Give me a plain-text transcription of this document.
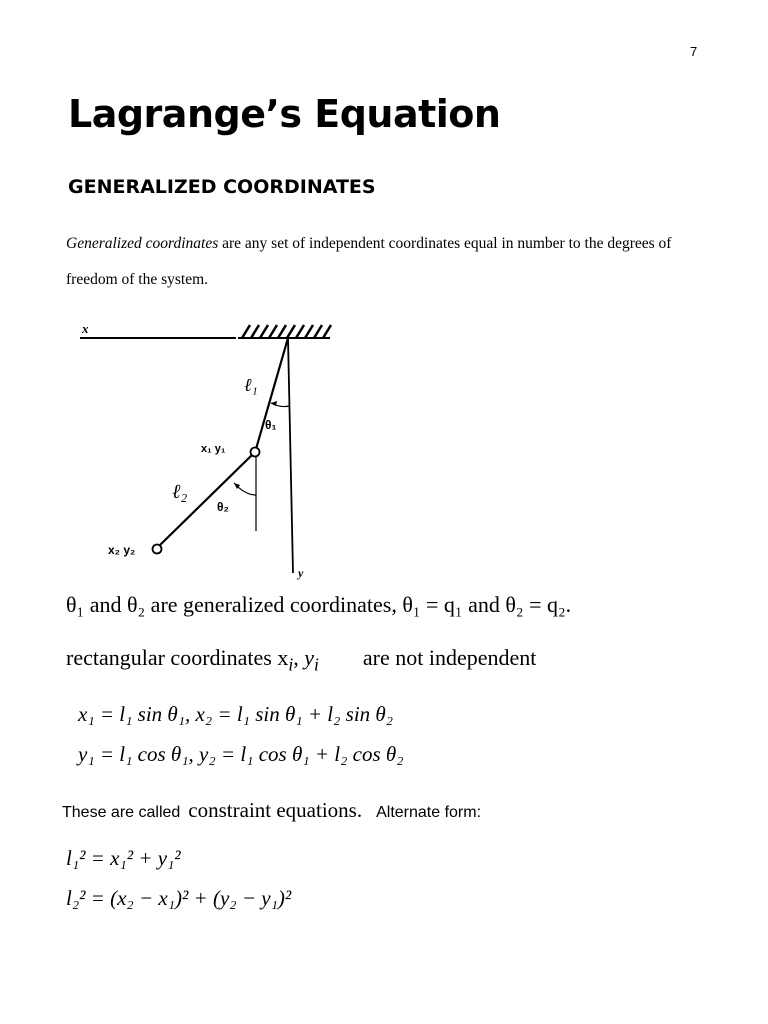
7
Lagrange’s Equation
GENERALIZED COORDINATES
Generalized coordinates are any set of independent coordinates equal in number to the degrees of freedom of the system.
x
y
θ₁
ℓ₁
x₁ y₁
θ₂
ℓ₂
x₂ y₂
θ₁ and θ₂ are generalized coordinates, θ₁ = q₁ and θ₂ = q₂.
rectangular coordinates $x_i$, $y_i$ are not independent
x₁ = l₁ sin θ₁, x₂ = l₁ sin θ₁ + l₂ sin θ₂
y₁ = l₁ cos θ₁, y₂ = l₁ cos θ₁ + l₂ cos θ₂
These are called constraint equations. Alternate form:
l₁² = x₁² + y₁²
l₂² = (x₂ − x₁)² + (y₂ − y₁)²
